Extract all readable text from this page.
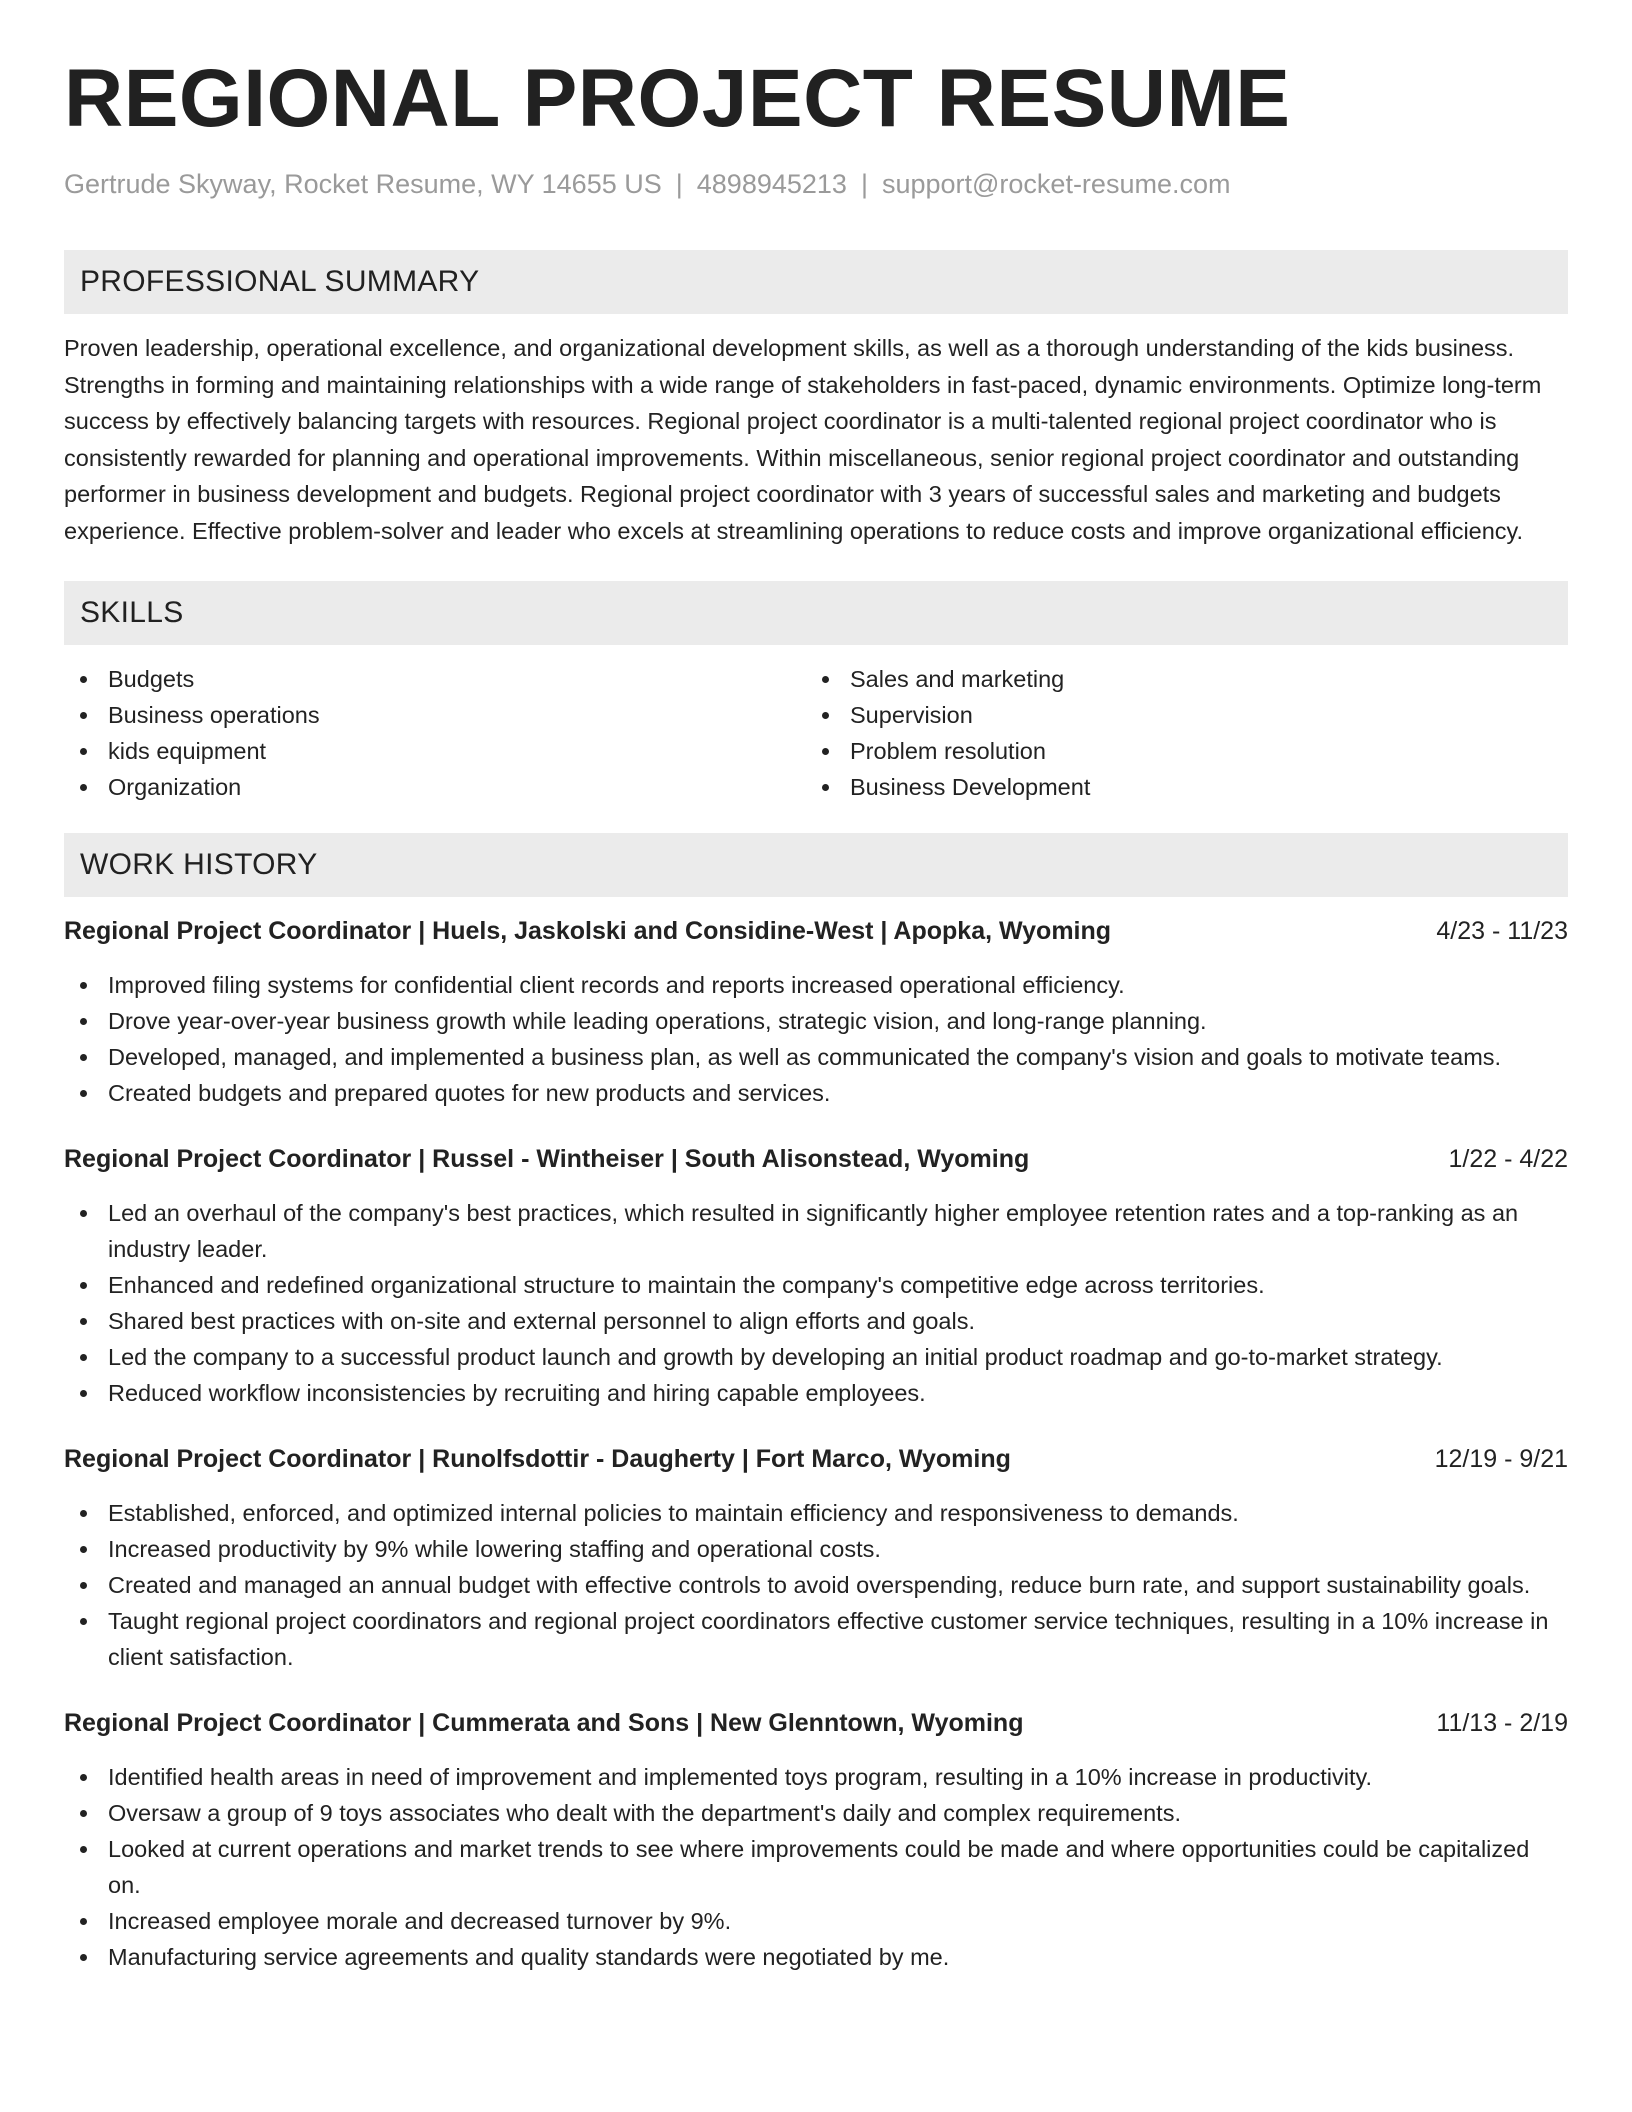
REGIONAL PROJECT RESUME
Gertrude Skyway, Rocket Resume, WY 14655 US | 4898945213 | support@rocket-resume.com
PROFESSIONAL SUMMARY
Proven leadership, operational excellence, and organizational development skills, as well as a thorough understanding of the kids business. Strengths in forming and maintaining relationships with a wide range of stakeholders in fast-paced, dynamic environments. Optimize long-term success by effectively balancing targets with resources. Regional project coordinator is a multi-talented regional project coordinator who is consistently rewarded for planning and operational improvements. Within miscellaneous, senior regional project coordinator and outstanding performer in business development and budgets. Regional project coordinator with 3 years of successful sales and marketing and budgets experience. Effective problem-solver and leader who excels at streamlining operations to reduce costs and improve organizational efficiency.
SKILLS
Budgets
Business operations
kids equipment
Organization
Sales and marketing
Supervision
Problem resolution
Business Development
WORK HISTORY
Regional Project Coordinator | Huels, Jaskolski and Considine-West | Apopka, Wyoming	4/23 - 11/23
Improved filing systems for confidential client records and reports increased operational efficiency.
Drove year-over-year business growth while leading operations, strategic vision, and long-range planning.
Developed, managed, and implemented a business plan, as well as communicated the company's vision and goals to motivate teams.
Created budgets and prepared quotes for new products and services.
Regional Project Coordinator | Russel - Wintheiser | South Alisonstead, Wyoming	1/22 - 4/22
Led an overhaul of the company's best practices, which resulted in significantly higher employee retention rates and a top-ranking as an industry leader.
Enhanced and redefined organizational structure to maintain the company's competitive edge across territories.
Shared best practices with on-site and external personnel to align efforts and goals.
Led the company to a successful product launch and growth by developing an initial product roadmap and go-to-market strategy.
Reduced workflow inconsistencies by recruiting and hiring capable employees.
Regional Project Coordinator | Runolfsdottir - Daugherty | Fort Marco, Wyoming	12/19 - 9/21
Established, enforced, and optimized internal policies to maintain efficiency and responsiveness to demands.
Increased productivity by 9% while lowering staffing and operational costs.
Created and managed an annual budget with effective controls to avoid overspending, reduce burn rate, and support sustainability goals.
Taught regional project coordinators and regional project coordinators effective customer service techniques, resulting in a 10% increase in client satisfaction.
Regional Project Coordinator | Cummerata and Sons | New Glenntown, Wyoming	11/13 - 2/19
Identified health areas in need of improvement and implemented toys program, resulting in a 10% increase in productivity.
Oversaw a group of 9 toys associates who dealt with the department's daily and complex requirements.
Looked at current operations and market trends to see where improvements could be made and where opportunities could be capitalized on.
Increased employee morale and decreased turnover by 9%.
Manufacturing service agreements and quality standards were negotiated by me.
